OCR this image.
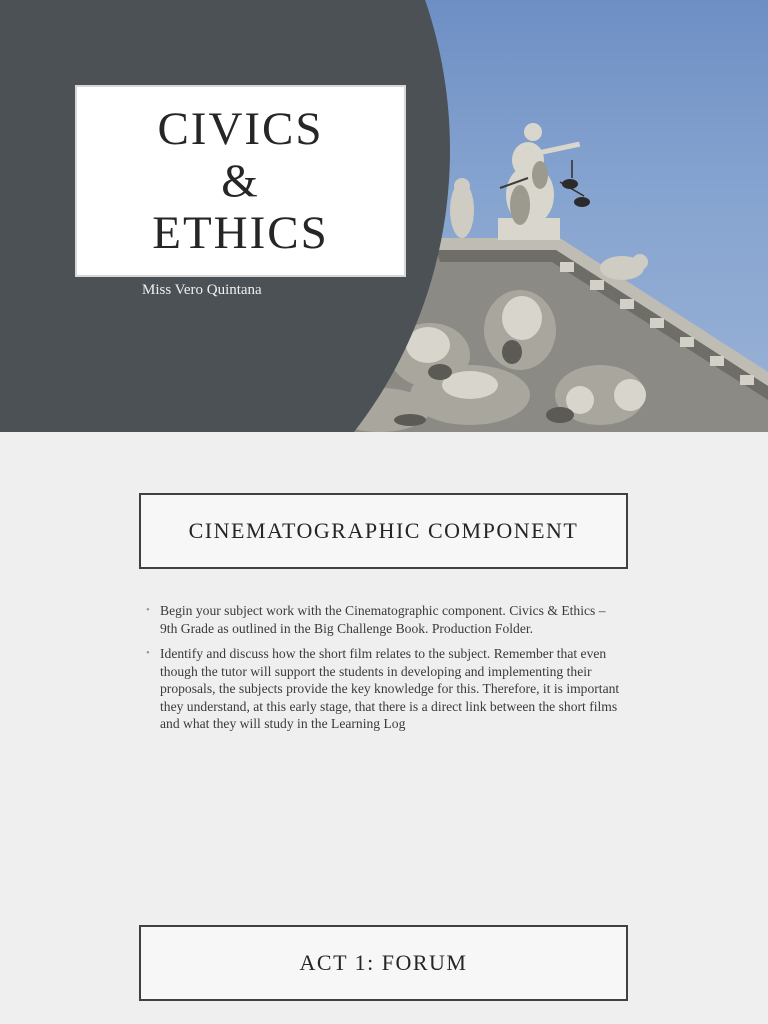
CIVICS
&
ETHICS
Miss Vero Quintana
CINEMATOGRAPHIC COMPONENT
• Begin your subject work with the Cinematographic component. Civics & Ethics – 9th Grade as outlined in the Big Challenge Book. Production Folder.
• Identify and discuss how the short film relates to the subject. Remember that even though the tutor will support the students in developing and implementing their proposals, the subjects provide the key knowledge for this. Therefore, it is important they understand, at this early stage, that there is a direct link between the short films and what they will study in the Learning Log
ACT 1: FORUM
